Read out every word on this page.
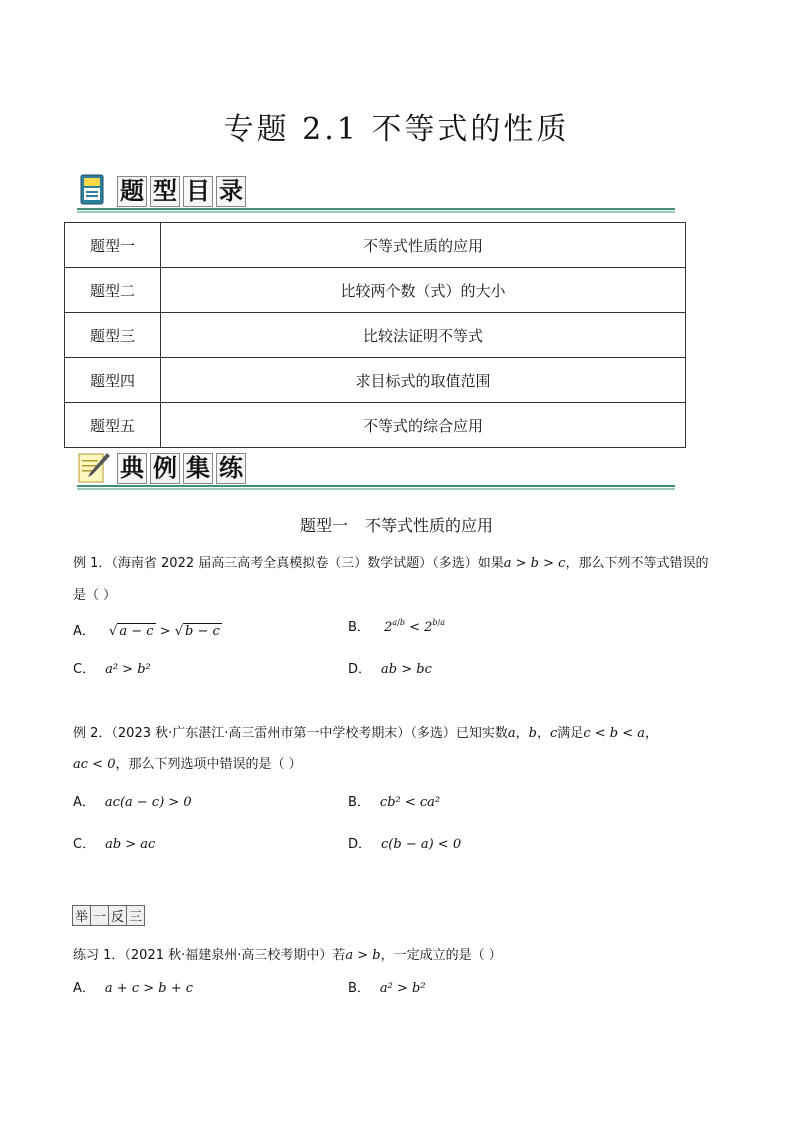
专题 2.1 不等式的性质
题 型 目 录
题型一	不等式性质的应用
题型二	比较两个数（式）的大小
题型三	比较法证明不等式
题型四	求目标式的取值范围
题型五	不等式的综合应用
典 例 集 练
题型一 不等式性质的应用
例 1．（海南省 2022 届高三高考全真模拟卷（三）数学试题）（多选）如果a > b > c，那么下列不等式错误的
是（ ）
A． √ a − c > √ b − c	B． $2^{a/b} < 2^{b/a}$
C． a² > b²	D． ab > bc
例 2．（2023 秋·广东湛江·高三雷州市第一中学校考期末）（多选）已知实数a，b，c满足c < b < a，
ac < 0，那么下列选项中错误的是（ ）
A． ac(a − c) > 0	B． cb² < ca²
C． ab > ac	D． c(b − a) < 0
举 一 反 三
练习 1．（2021 秋·福建泉州·高三校考期中）若a > b，一定成立的是（ ）
A． a + c > b + c	B． a² > b²
